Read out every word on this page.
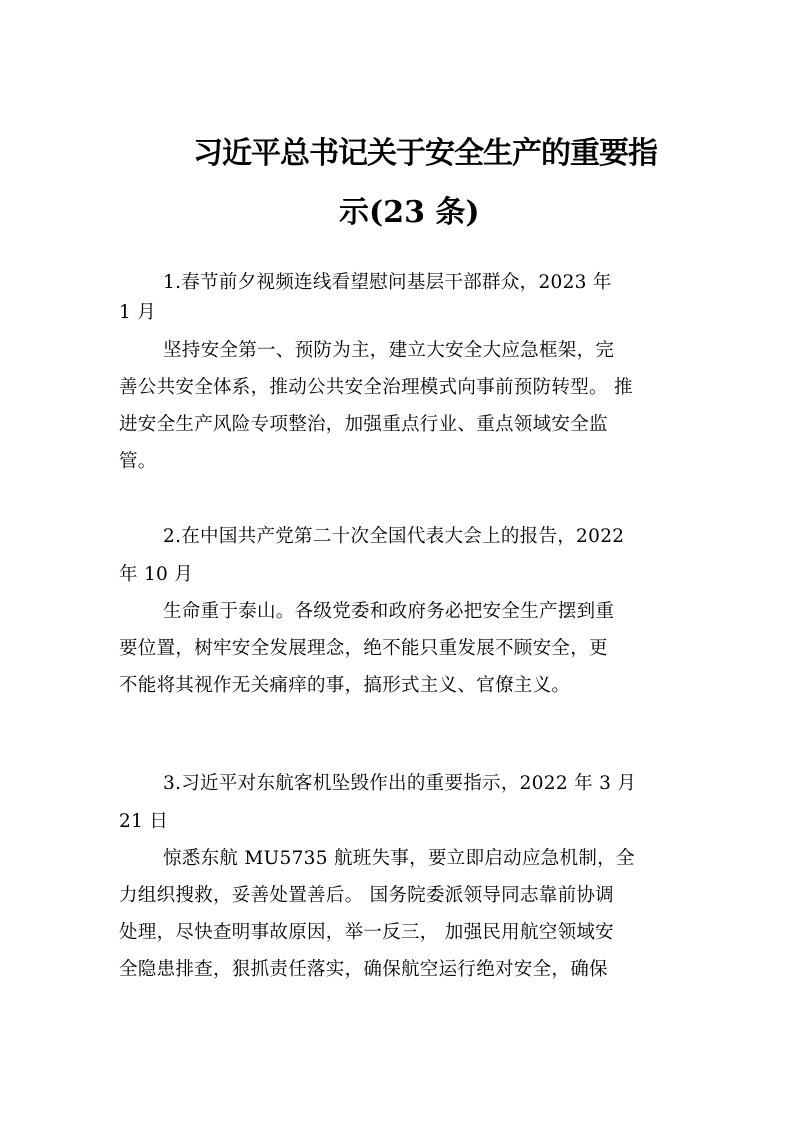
习近平总书记关于安全生产的重要指
示(23 条)
1.春节前夕视频连线看望慰问基层干部群众，2023 年
1 月
坚持安全第一、预防为主，建立大安全大应急框架，完
善公共安全体系，推动公共安全治理模式向事前预防转型。 推
进安全生产风险专项整治，加强重点行业、重点领域安全监
管。
2.在中国共产党第二十次全国代表大会上的报告，2022
年 10 月
生命重于泰山。各级党委和政府务必把安全生产摆到重
要位置，树牢安全发展理念，绝不能只重发展不顾安全，更
不能将其视作无关痛痒的事，搞形式主义、官僚主义。
3.习近平对东航客机坠毁作出的重要指示，2022 年 3 月
21 日
惊悉东航 MU5735 航班失事，要立即启动应急机制，全
力组织搜救，妥善处置善后。 国务院委派领导同志靠前协调
处理，尽快查明事故原因，举一反三， 加强民用航空领域安
全隐患排查，狠抓责任落实，确保航空运行绝对安全，确保
